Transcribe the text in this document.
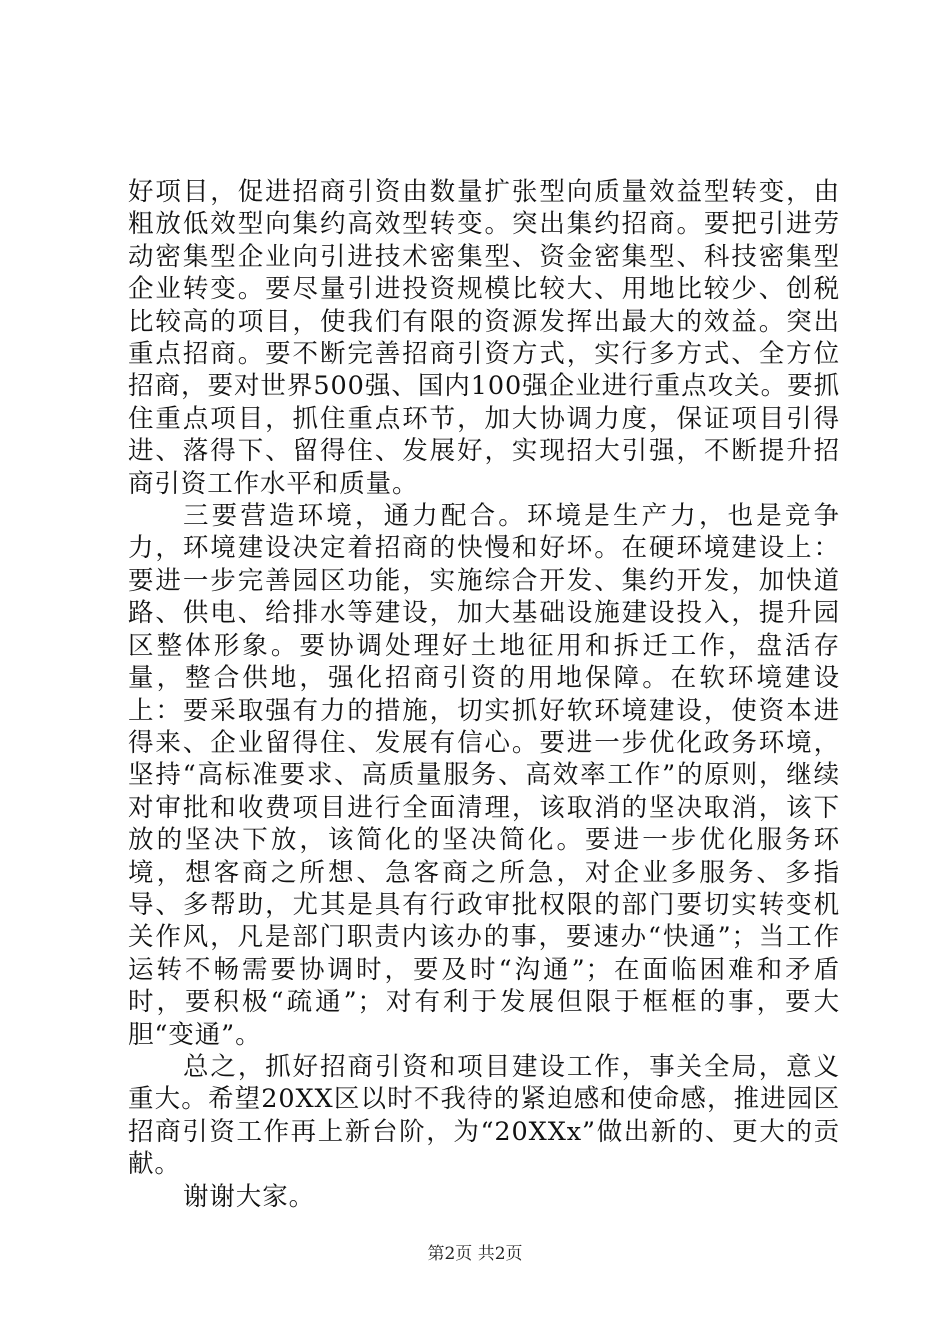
好项目，促进招商引资由数量扩张型向质量效益型转变，由粗放低效型向集约高效型转变。突出集约招商。要把引进劳动密集型企业向引进技术密集型、资金密集型、科技密集型企业转变。要尽量引进投资规模比较大、用地比较少、创税比较高的项目，使我们有限的资源发挥出最大的效益。突出重点招商。要不断完善招商引资方式，实行多方式、全方位招商，要对世界500强、国内100强企业进行重点攻关。要抓住重点项目，抓住重点环节，加大协调力度，保证项目引得进、落得下、留得住、发展好，实现招大引强，不断提升招商引资工作水平和质量。

三要营造环境，通力配合。环境是生产力，也是竞争力，环境建设决定着招商的快慢和好坏。在硬环境建设上：要进一步完善园区功能，实施综合开发、集约开发，加快道路、供电、给排水等建设，加大基础设施建设投入，提升园区整体形象。要协调处理好土地征用和拆迁工作，盘活存量，整合供地，强化招商引资的用地保障。在软环境建设上：要采取强有力的措施，切实抓好软环境建设，使资本进得来、企业留得住、发展有信心。要进一步优化政务环境，坚持“高标准要求、高质量服务、高效率工作”的原则，继续对审批和收费项目进行全面清理，该取消的坚决取消，该下放的坚决下放，该简化的坚决简化。要进一步优化服务环境，想客商之所想、急客商之所急，对企业多服务、多指导、多帮助，尤其是具有行政审批权限的部门要切实转变机关作风，凡是部门职责内该办的事，要速办“快通”；当工作运转不畅需要协调时，要及时“沟通”；在面临困难和矛盾时，要积极“疏通”；对有利于发展但限于框框的事，要大胆“变通”。

总之，抓好招商引资和项目建设工作，事关全局，意义重大。希望20XX区以时不我待的紧迫感和使命感，推进园区招商引资工作再上新台阶，为“20XXx”做出新的、更大的贡献。

谢谢大家。

第2页 共2页
